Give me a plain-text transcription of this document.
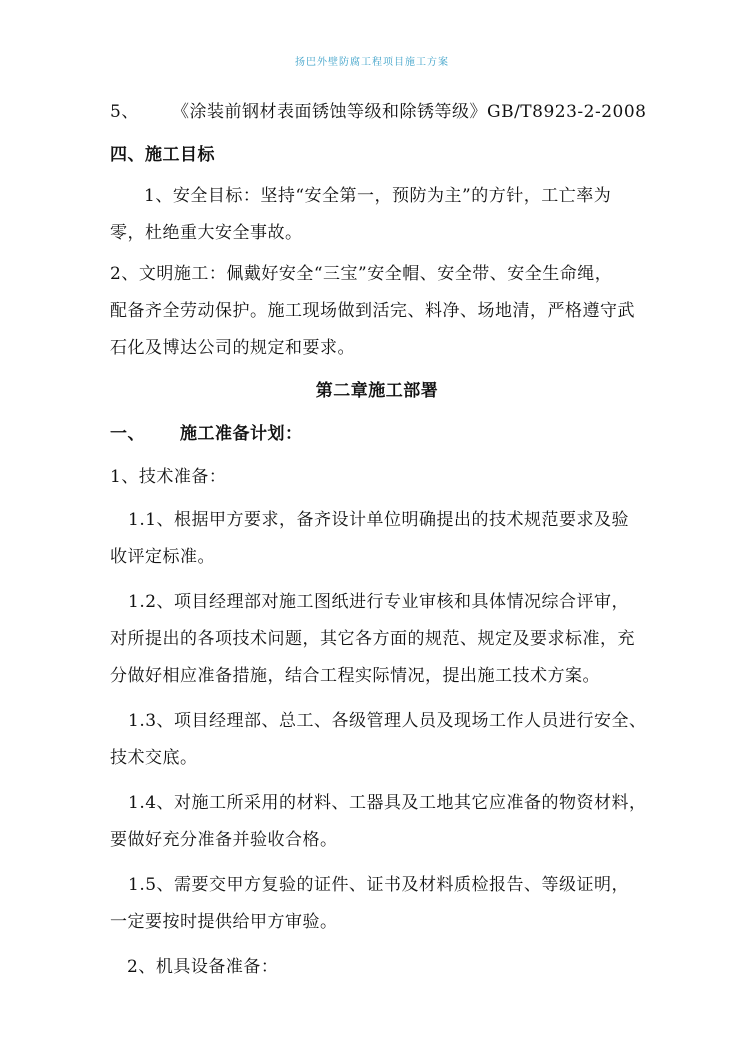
扬巴外壁防腐工程项目施工方案
5、 《涂装前钢材表面锈蚀等级和除锈等级》GB/T8923-2-2008
四、施工目标
1、安全目标：坚持“安全第一，预防为主”的方针，工亡率为
零，杜绝重大安全事故。
2、文明施工：佩戴好安全“三宝”安全帽、安全带、安全生命绳，
配备齐全劳动保护。施工现场做到活完、料净、场地清，严格遵守武
石化及博达公司的规定和要求。
第二章施工部署
一、 施工准备计划：
1、技术准备：
1.1、根据甲方要求，备齐设计单位明确提出的技术规范要求及验
收评定标准。
1.2、项目经理部对施工图纸进行专业审核和具体情况综合评审，
对所提出的各项技术问题，其它各方面的规范、规定及要求标准，充
分做好相应准备措施，结合工程实际情况，提出施工技术方案。
1.3、项目经理部、总工、各级管理人员及现场工作人员进行安全、
技术交底。
1.4、对施工所采用的材料、工器具及工地其它应准备的物资材料，
要做好充分准备并验收合格。
1.5、需要交甲方复验的证件、证书及材料质检报告、等级证明，
一定要按时提供给甲方审验。
2、机具设备准备：
